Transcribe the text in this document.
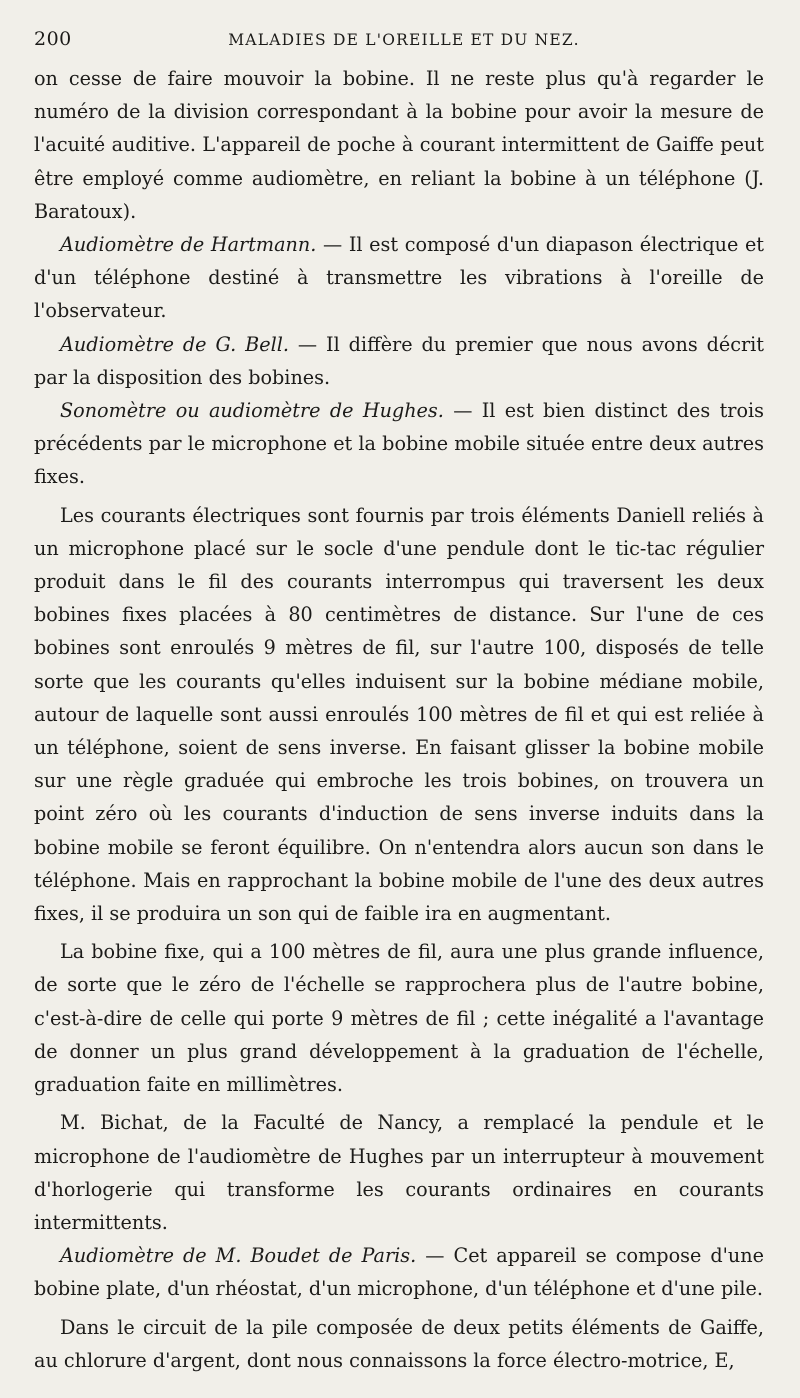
200	MALADIES DE L'OREILLE ET DU NEZ.

on cesse de faire mouvoir la bobine. Il ne reste plus qu'à regarder le numéro de la division correspondant à la bobine pour avoir la mesure de l'acuité auditive. L'appareil de poche à courant intermittent de Gaiffe peut être employé comme audiomètre, en reliant la bobine à un téléphone (J. Baratoux).

Audiomètre de Hartmann. — Il est composé d'un diapason électrique et d'un téléphone destiné à transmettre les vibrations à l'oreille de l'observateur.

Audiomètre de G. Bell. — Il diffère du premier que nous avons décrit par la disposition des bobines.

Sonomètre ou audiomètre de Hughes. — Il est bien distinct des trois précédents par le microphone et la bobine mobile située entre deux autres fixes.

Les courants électriques sont fournis par trois éléments Daniell reliés à un microphone placé sur le socle d'une pendule dont le tic-tac régulier produit dans le fil des courants interrompus qui traversent les deux bobines fixes placées à 80 centimètres de distance. Sur l'une de ces bobines sont enroulés 9 mètres de fil, sur l'autre 100, disposés de telle sorte que les courants qu'elles induisent sur la bobine médiane mobile, autour de laquelle sont aussi enroulés 100 mètres de fil et qui est reliée à un téléphone, soient de sens inverse. En faisant glisser la bobine mobile sur une règle graduée qui embroche les trois bobines, on trouvera un point zéro où les courants d'induction de sens inverse induits dans la bobine mobile se feront équilibre. On n'entendra alors aucun son dans le téléphone. Mais en rapprochant la bobine mobile de l'une des deux autres fixes, il se produira un son qui de faible ira en augmentant.

La bobine fixe, qui a 100 mètres de fil, aura une plus grande influence, de sorte que le zéro de l'échelle se rapprochera plus de l'autre bobine, c'est-à-dire de celle qui porte 9 mètres de fil ; cette inégalité a l'avantage de donner un plus grand développement à la graduation de l'échelle, graduation faite en millimètres.

M. Bichat, de la Faculté de Nancy, a remplacé la pendule et le microphone de l'audiomètre de Hughes par un interrupteur à mouvement d'horlogerie qui transforme les courants ordinaires en courants intermittents.

Audiomètre de M. Boudet de Paris. — Cet appareil se compose d'une bobine plate, d'un rhéostat, d'un microphone, d'un téléphone et d'une pile.

Dans le circuit de la pile composée de deux petits éléments de Gaiffe, au chlorure d'argent, dont nous connaissons la force électro-motrice, E,
